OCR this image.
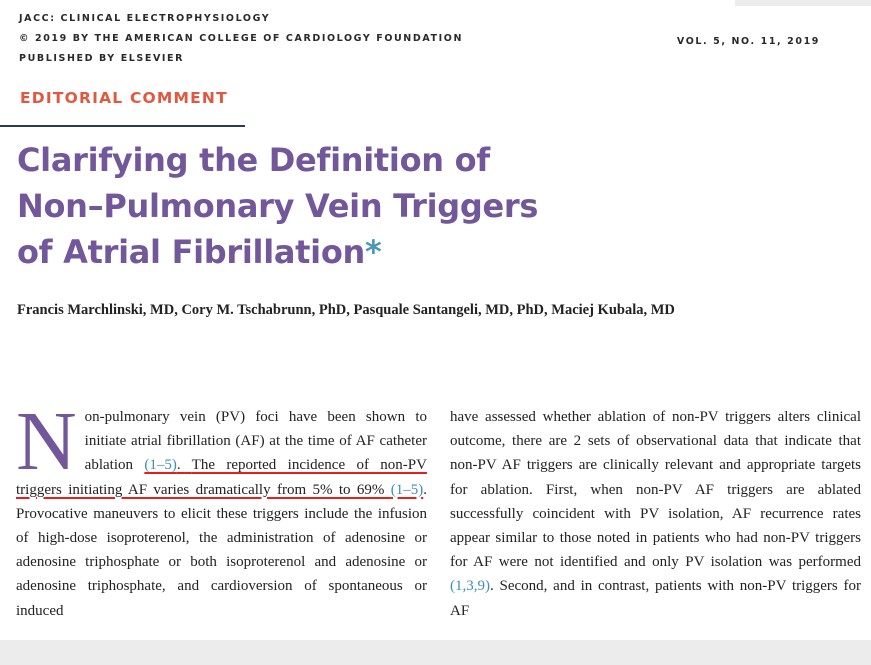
JACC: CLINICAL ELECTROPHYSIOLOGY
© 2019 BY THE AMERICAN COLLEGE OF CARDIOLOGY FOUNDATION
PUBLISHED BY ELSEVIER
VOL. 5, NO. 11, 2019
EDITORIAL COMMENT
Clarifying the Definition of
Non–Pulmonary Vein Triggers
of Atrial Fibrillation*
Francis Marchlinski, MD, Cory M. Tschabrunn, PhD, Pasquale Santangeli, MD, PhD, Maciej Kubala, MD

Non-pulmonary vein (PV) foci have been shown to initiate atrial fibrillation (AF) at the time of AF catheter ablation (1–5). The reported incidence of non-PV triggers initiating AF varies dramatically from 5% to 69% (1–5). Provocative maneuvers to elicit these triggers include the infusion of high-dose isoproterenol, the administration of adenosine or adenosine triphosphate or both isoproterenol and adenosine or adenosine triphosphate, and cardioversion of spontaneous or induced

have assessed whether ablation of non-PV triggers alters clinical outcome, there are 2 sets of observational data that indicate that non-PV AF triggers are clinically relevant and appropriate targets for ablation. First, when non-PV AF triggers are ablated successfully coincident with PV isolation, AF recurrence rates appear similar to those noted in patients who had non-PV triggers for AF were not identified and only PV isolation was performed (1,3,9). Second, and in contrast, patients with non-PV triggers for AF
